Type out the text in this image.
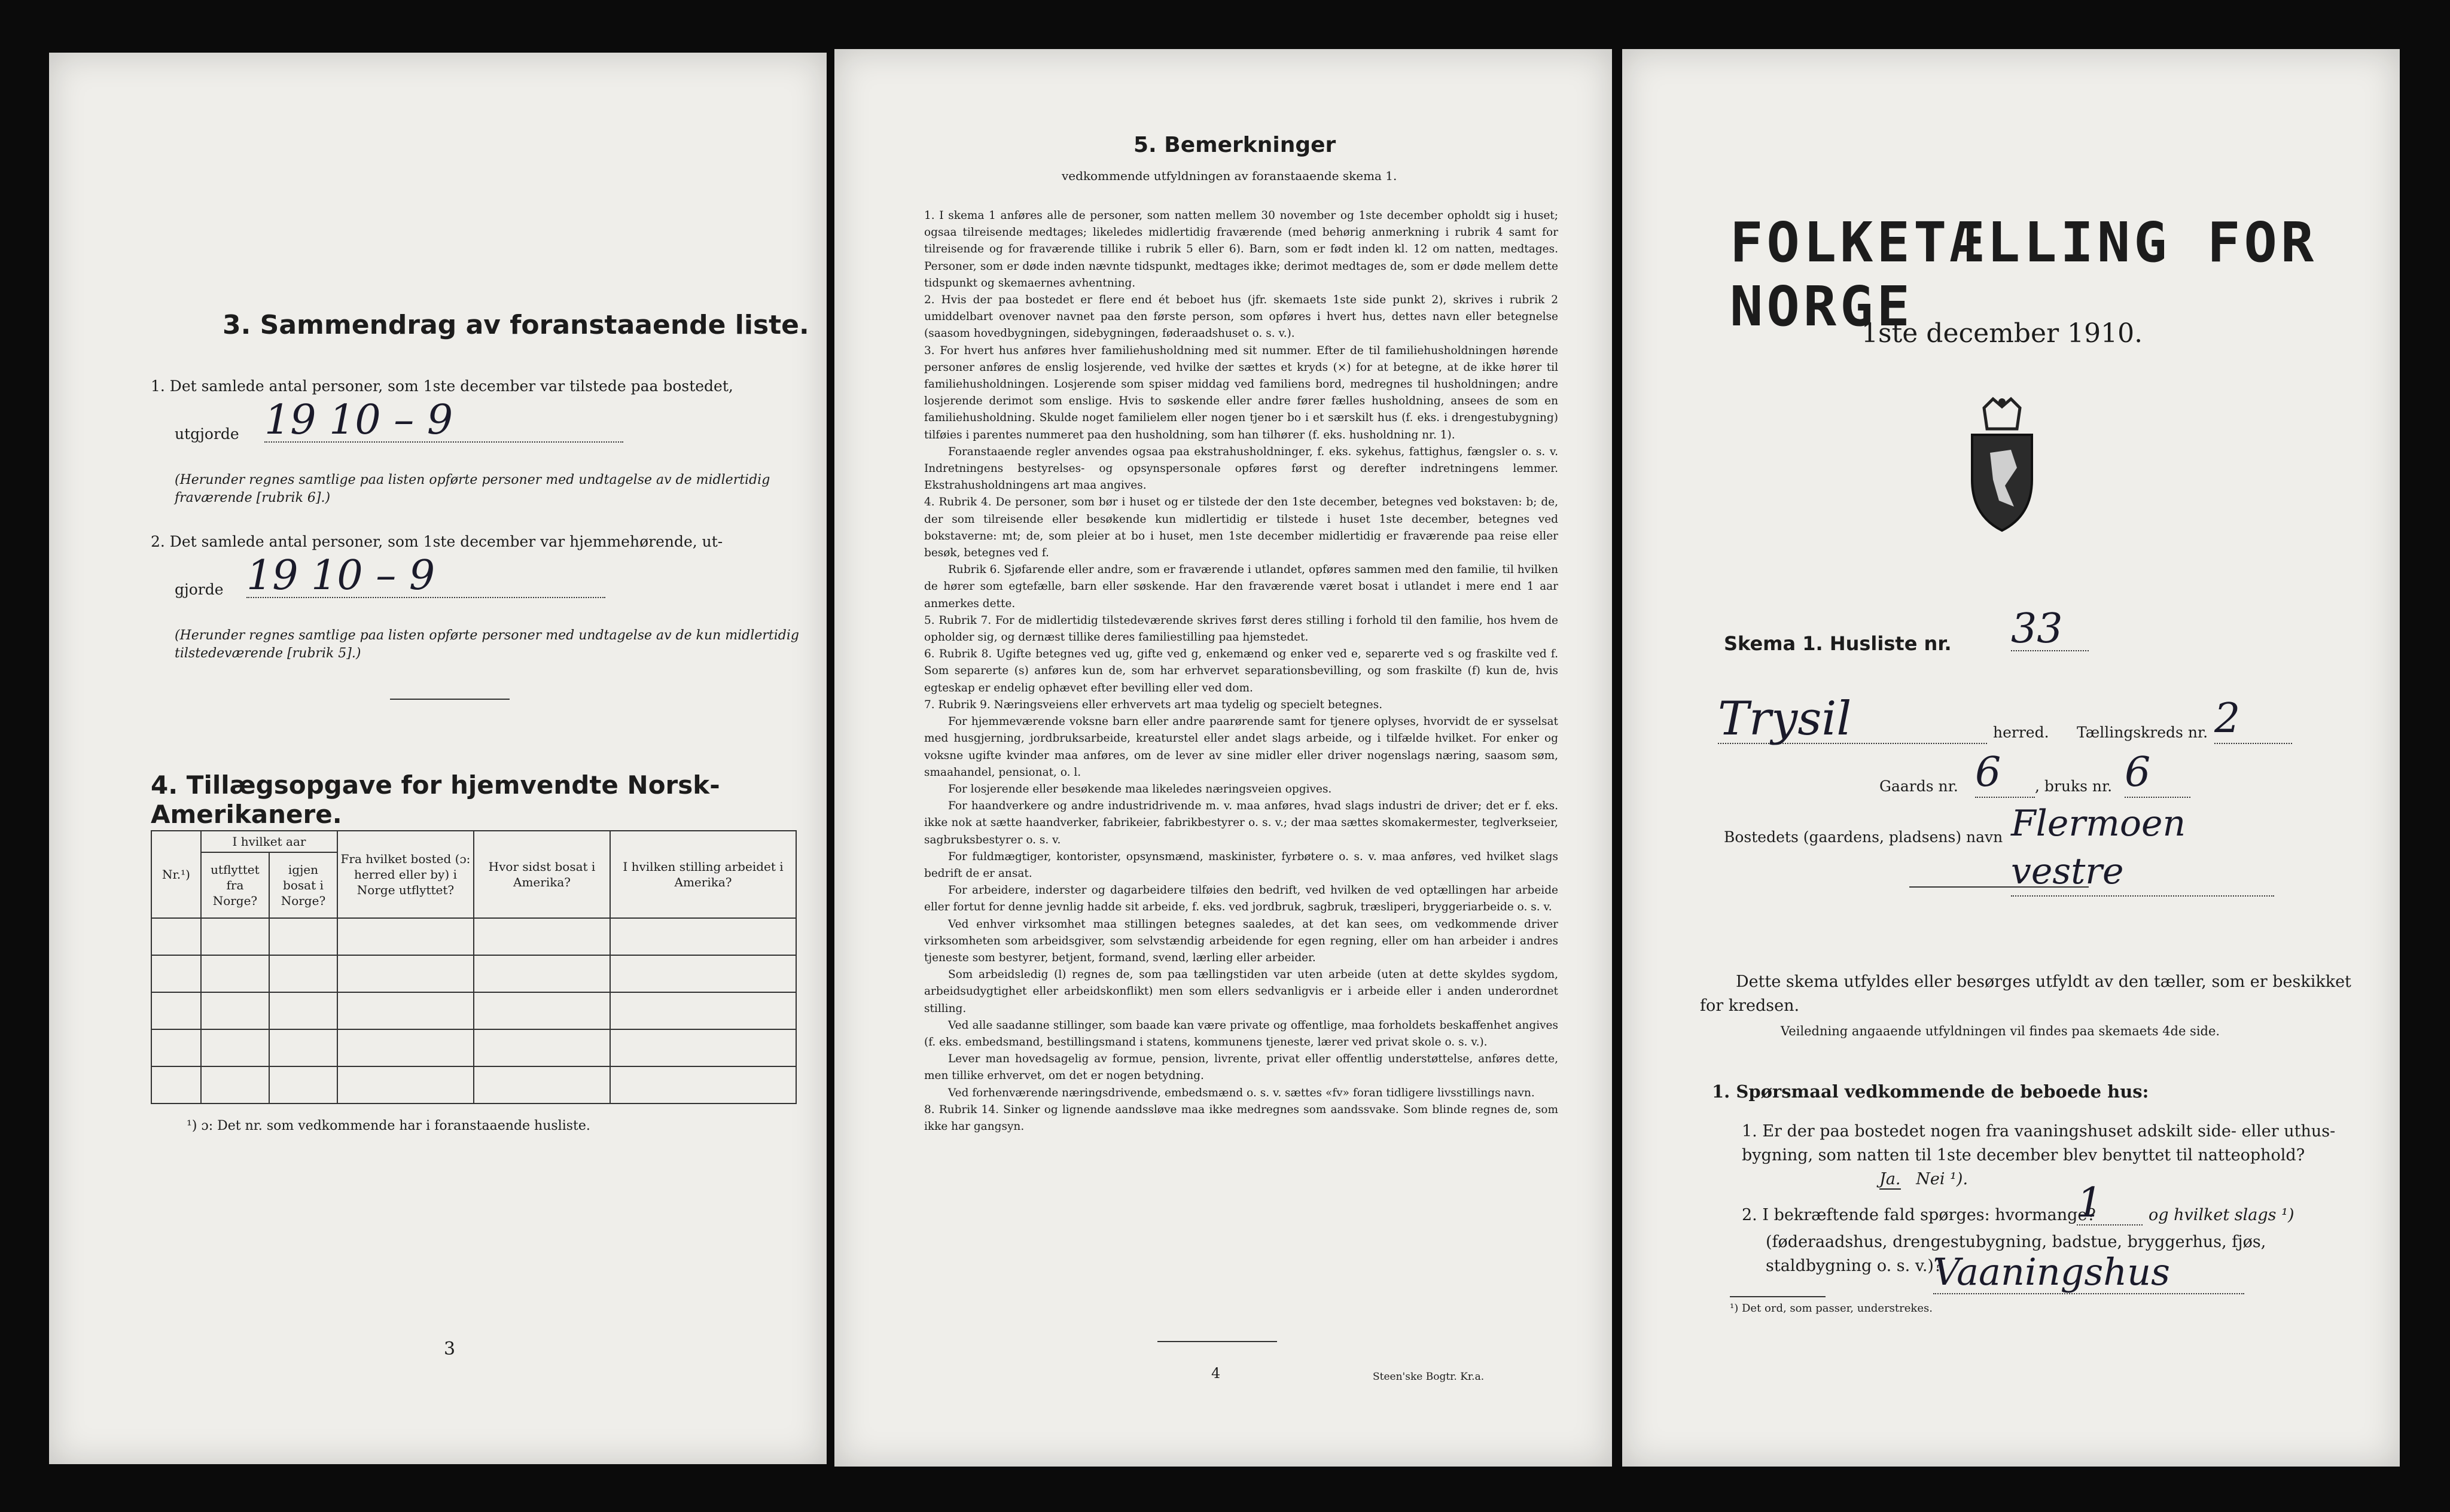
3. Sammendrag av foranstaaende liste.
1. Det samlede antal personer, som 1ste december var tilstede paa bostedet,
utgjorde 19 10 – 9
(Herunder regnes samtlige paa listen opførte personer med undtagelse av de midlertidig fraværende [rubrik 6].)
2. Det samlede antal personer, som 1ste december var hjemmehørende, ut-
gjorde 19 10 – 9
(Herunder regnes samtlige paa listen opførte personer med undtagelse av de kun midlertidig tilstedeværende [rubrik 5].)
4. Tillægsopgave for hjemvendte Norsk-Amerikanere.
Nr.¹)	I hvilket aar		Fra hvilket bosted (ɔ: herred eller by) i Norge utflyttet?	Hvor sidst bosat i Amerika?	I hvilken stilling arbeidet i Amerika?
	utflyttet fra Norge?	igjen bosat i Norge?			

¹) ɔ: Det nr. som vedkommende har i foranstaaende husliste.
3
5. Bemerkninger
vedkommende utfyldningen av foranstaaende skema 1.

1. I skema 1 anføres alle de personer, som natten mellem 30 november og 1ste december opholdt sig i huset; ogsaa tilreisende medtages; likeledes midlertidig fraværende (med behørig anmerkning i rubrik 4 samt for tilreisende og for fraværende tillike i rubrik 5 eller 6). Barn, som er født inden kl. 12 om natten, medtages. Personer, som er døde inden nævnte tidspunkt, medtages ikke; derimot medtages de, som er døde mellem dette tidspunkt og skemaernes avhentning.

2. Hvis der paa bostedet er flere end ét beboet hus (jfr. skemaets 1ste side punkt 2), skrives i rubrik 2 umiddelbart ovenover navnet paa den første person, som opføres i hvert hus, dettes navn eller betegnelse (saasom hovedbygningen, sidebygningen, føderaadshuset o. s. v.).

3. For hvert hus anføres hver familiehusholdning med sit nummer. Efter de til familiehusholdningen hørende personer anføres de enslig losjerende, ved hvilke der sættes et kryds (×) for at betegne, at de ikke hører til familiehusholdningen. Losjerende som spiser middag ved familiens bord, medregnes til husholdningen; andre losjerende derimot som enslige. Hvis to søskende eller andre fører fælles husholdning, ansees de som en familiehusholdning. Skulde noget familielem eller nogen tjener bo i et særskilt hus (f. eks. i drengestubygning) tilføies i parentes nummeret paa den husholdning, som han tilhører (f. eks. husholdning nr. 1).

Foranstaaende regler anvendes ogsaa paa ekstrahusholdninger, f. eks. sykehus, fattighus, fængsler o. s. v. Indretningens bestyrelses- og opsynspersonale opføres først og derefter indretningens lemmer. Ekstrahusholdningens art maa angives.

4. Rubrik 4. De personer, som bør i huset og er tilstede der den 1ste december, betegnes ved bokstaven: b; de, der som tilreisende eller besøkende kun midlertidig er tilstede i huset 1ste december, betegnes ved bokstaverne: mt; de, som pleier at bo i huset, men 1ste december midlertidig er fraværende paa reise eller besøk, betegnes ved f.

Rubrik 6. Sjøfarende eller andre, som er fraværende i utlandet, opføres sammen med den familie, til hvilken de hører som egtefælle, barn eller søskende. Har den fraværende været bosat i utlandet i mere end 1 aar anmerkes dette.

5. Rubrik 7. For de midlertidig tilstedeværende skrives først deres stilling i forhold til den familie, hos hvem de opholder sig, og dernæst tillike deres familiestilling paa hjemstedet.

6. Rubrik 8. Ugifte betegnes ved ug, gifte ved g, enkemænd og enker ved e, separerte ved s og fraskilte ved f. Som separerte (s) anføres kun de, som har erhvervet separationsbevilling, og som fraskilte (f) kun de, hvis egteskap er endelig ophævet efter bevilling eller ved dom.

7. Rubrik 9. Næringsveiens eller erhvervets art maa tydelig og specielt betegnes.

For hjemmeværende voksne barn eller andre paarørende samt for tjenere oplyses, hvorvidt de er sysselsat med husgjerning, jordbruksarbeide, kreaturstel eller andet slags arbeide, og i tilfælde hvilket. For enker og voksne ugifte kvinder maa anføres, om de lever av sine midler eller driver nogenslags næring, saasom søm, smaahandel, pensionat, o. l.

For losjerende eller besøkende maa likeledes næringsveien opgives.

For haandverkere og andre industridrivende m. v. maa anføres, hvad slags industri de driver; det er f. eks. ikke nok at sætte haandverker, fabrikeier, fabrikbestyrer o. s. v.; der maa sættes skomakermester, teglverkseier, sagbruksbestyrer o. s. v.

For fuldmægtiger, kontorister, opsynsmænd, maskinister, fyrbøtere o. s. v. maa anføres, ved hvilket slags bedrift de er ansat.

For arbeidere, inderster og dagarbeidere tilføies den bedrift, ved hvilken de ved optællingen har arbeide eller fortut for denne jevnlig hadde sit arbeide, f. eks. ved jordbruk, sagbruk, træsliperi, bryggeriarbeide o. s. v.

Ved enhver virksomhet maa stillingen betegnes saaledes, at det kan sees, om vedkommende driver virksomheten som arbeidsgiver, som selvstændig arbeidende for egen regning, eller om han arbeider i andres tjeneste som bestyrer, betjent, formand, svend, lærling eller arbeider.

Som arbeidsledig (l) regnes de, som paa tællingstiden var uten arbeide (uten at dette skyldes sygdom, arbeidsudygtighet eller arbeidskonflikt) men som ellers sedvanligvis er i arbeide eller i anden underordnet stilling.

Ved alle saadanne stillinger, som baade kan være private og offentlige, maa forholdets beskaffenhet angives (f. eks. embedsmand, bestillingsmand i statens, kommunens tjeneste, lærer ved privat skole o. s. v.).

Lever man hovedsagelig av formue, pension, livrente, privat eller offentlig understøttelse, anføres dette, men tillike erhvervet, om det er nogen betydning.

Ved forhenværende næringsdrivende, embedsmænd o. s. v. sættes «fv» foran tidligere livsstillings navn.

8. Rubrik 14. Sinker og lignende aandssløve maa ikke medregnes som aandssvake. Som blinde regnes de, som ikke har gangsyn.

4	Steen'ske Bogtr. Kr.a.
FOLKETÆLLING FOR NORGE
1ste december 1910.
Skema 1. Husliste nr. 33
Trysil	herred. Tællingskreds nr. 2
Gaards nr. 6	, bruks nr. 6
Bostedets (gaardens, pladsens) navn Flermoen vestre
Dette skema utfyldes eller besørges utfyldt av den tæller, som er beskikket for kredsen.
Veiledning angaaende utfyldningen vil findes paa skemaets 4de side.
1. Spørsmaal vedkommende de beboede hus:
1. Er der paa bostedet nogen fra vaaningshuset adskilt side- eller uthus-bygning, som natten til 1ste december blev benyttet til natteophold?
Ja. Nei ¹).
2. I bekræftende fald spørges: hvormange?
1	og hvilket slags ¹)
(føderaadshus, drengestubygning, badstue, bryggerhus, fjøs, staldbygning o. s. v.)?
Vaaningshus
¹) Det ord, som passer, understrekes.
